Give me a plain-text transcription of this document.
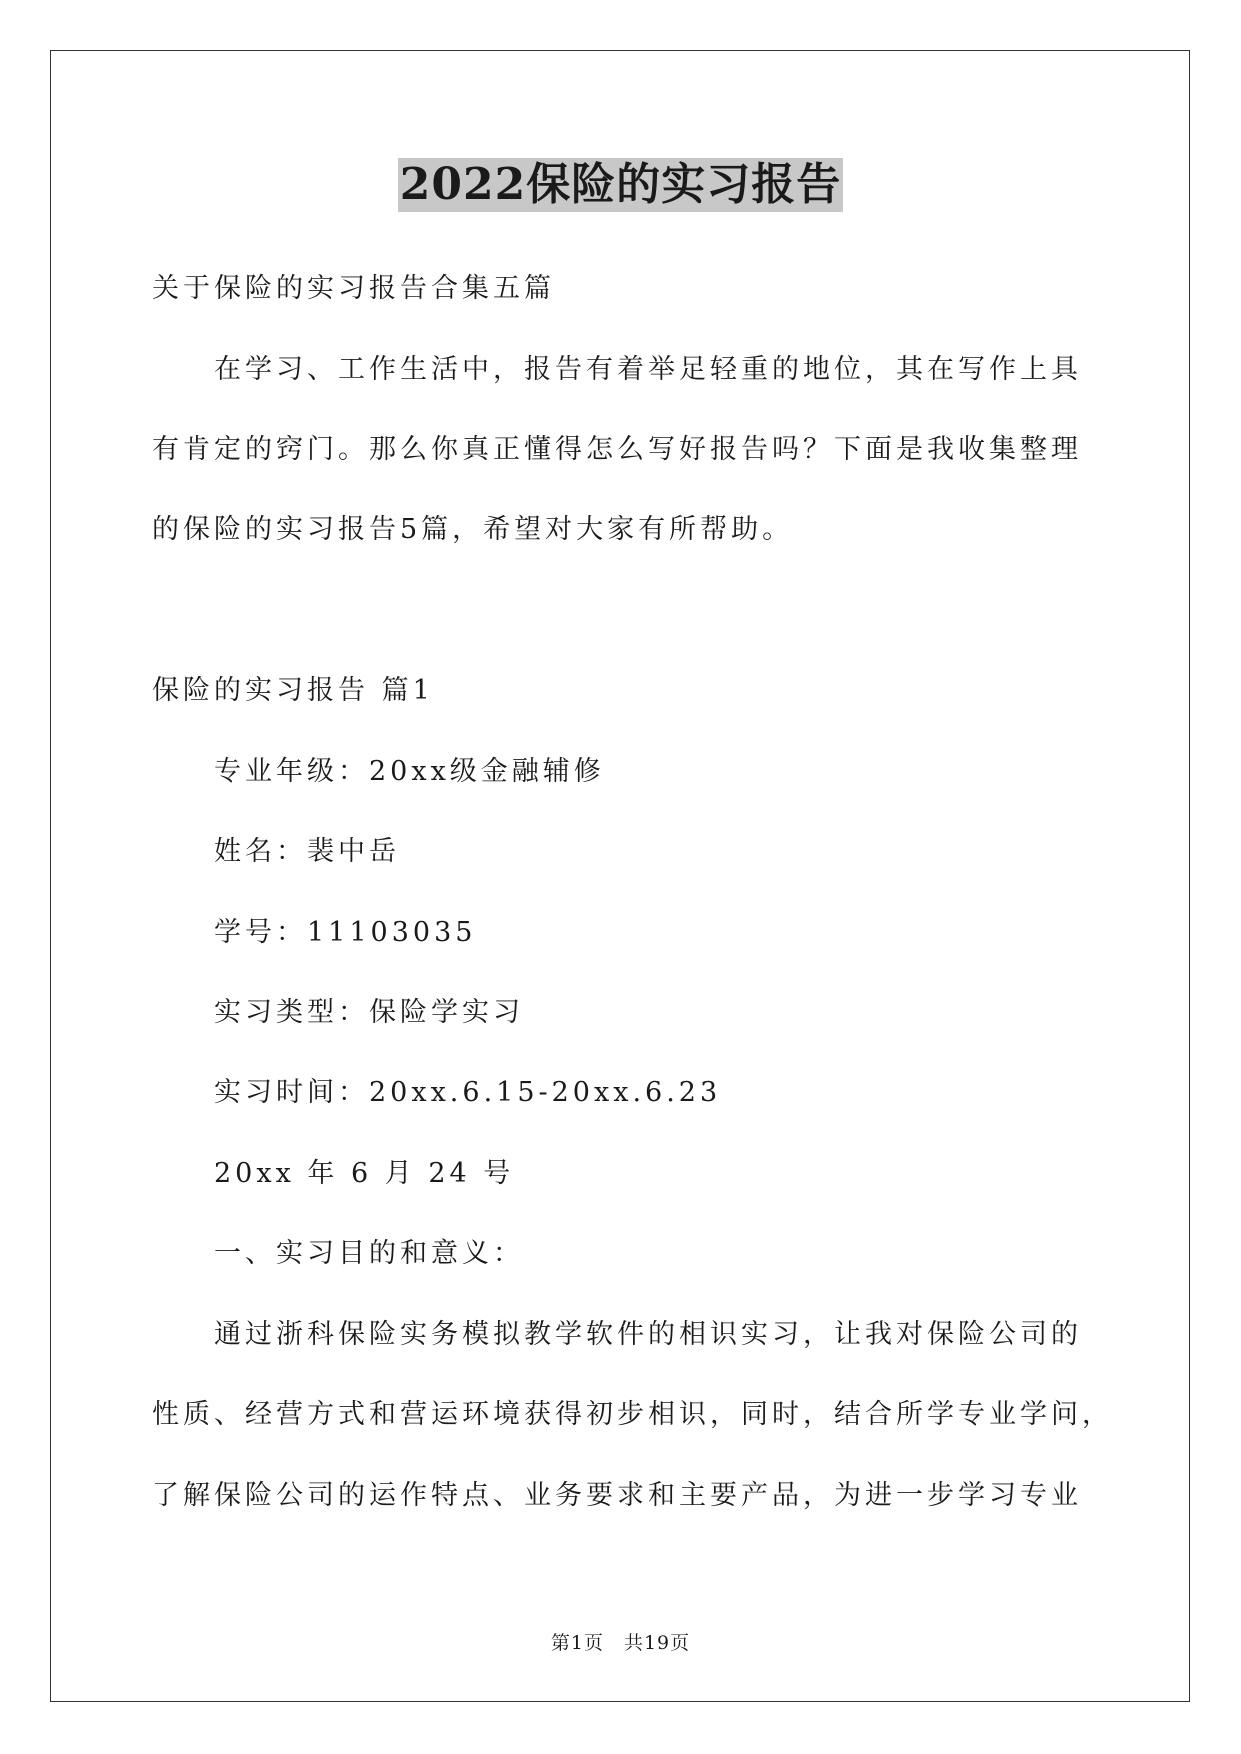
2022保险的实习报告
关于保险的实习报告合集五篇
在学习、工作生活中，报告有着举足轻重的地位，其在写作上具
有肯定的窍门。那么你真正懂得怎么写好报告吗？下面是我收集整理
的保险的实习报告5篇，希望对大家有所帮助。
保险的实习报告 篇1
专业年级：20xx级金融辅修
姓名：裴中岳
学号：11103035
实习类型：保险学实习
实习时间：20xx.6.15-20xx.6.23
20xx 年 6 月 24 号
一、实习目的和意义：
通过浙科保险实务模拟教学软件的相识实习，让我对保险公司的
性质、经营方式和营运环境获得初步相识，同时，结合所学专业学问，
了解保险公司的运作特点、业务要求和主要产品，为进一步学习专业
第1页　共19页
